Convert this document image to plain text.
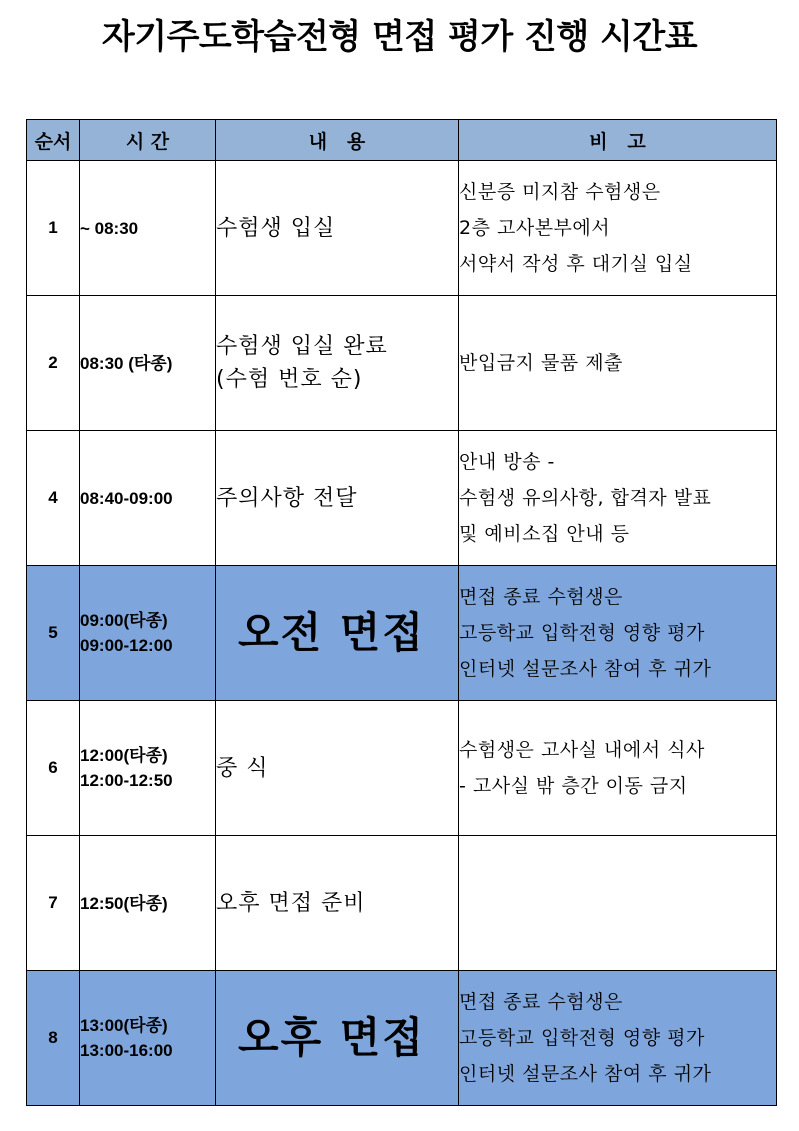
자기주도학습전형 면접 평가 진행 시간표
순서	시 간	내   용	비   고
1	~ 08:30	수험생 입실	신분증 미지참 수험생은
2층 고사본부에서
서약서 작성 후 대기실 입실

2	08:30 (타종)	수험생 입실 완료
(수험 번호 순)	반입금지 물품 제출

4	08:40-09:00	주의사항 전달	안내 방송 -
수험생 유의사항, 합격자 발표
및 예비소집 안내 등

5	09:00(타종)
09:00-12:00	오전 면접	면접 종료 수험생은
고등학교 입학전형 영향 평가
인터넷 설문조사 참여 후 귀가

6	12:00(타종)
12:00-12:50	중 식	수험생은 고사실 내에서 식사
- 고사실 밖 층간 이동 금지

7	12:50(타종)	오후 면접 준비	

8	13:00(타종)
13:00-16:00	오후 면접	면접 종료 수험생은
고등학교 입학전형 영향 평가
인터넷 설문조사 참여 후 귀가
